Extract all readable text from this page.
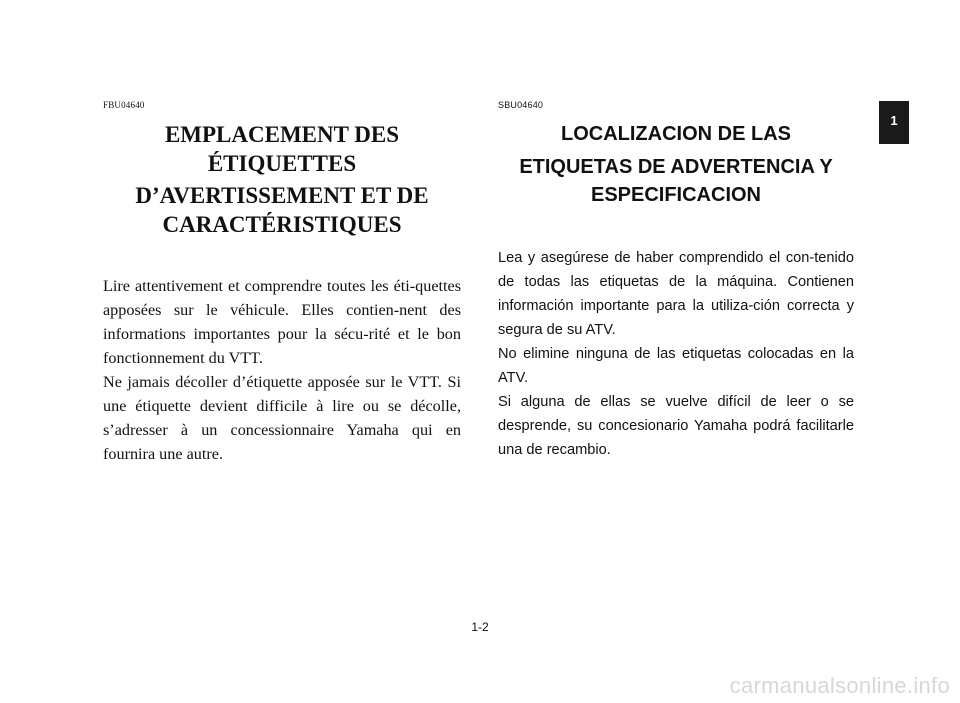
FBU04640
EMPLACEMENT DES ÉTIQUETTES
D’AVERTISSEMENT ET DE CARACTÉRISTIQUES

Lire attentivement et comprendre toutes les éti-quettes apposées sur le véhicule. Elles contien-nent des informations importantes pour la sécu-rité et le bon fonctionnement du VTT.

Ne jamais décoller d’étiquette apposée sur le VTT. Si une étiquette devient difficile à lire ou se décolle, s’adresser à un concessionnaire Yamaha qui en fournira une autre.

SBU04640
LOCALIZACION DE LAS
ETIQUETAS DE ADVERTENCIA Y ESPECIFICACION

Lea y asegúrese de haber comprendido el con-tenido de todas las etiquetas de la máquina. Contienen información importante para la utiliza-ción correcta y segura de su ATV.

No elimine ninguna de las etiquetas colocadas en la ATV.

Si alguna de ellas se vuelve difícil de leer o se desprende, su concesionario Yamaha podrá facilitarle una de recambio.

1
1-2
carmanualsonline.info
